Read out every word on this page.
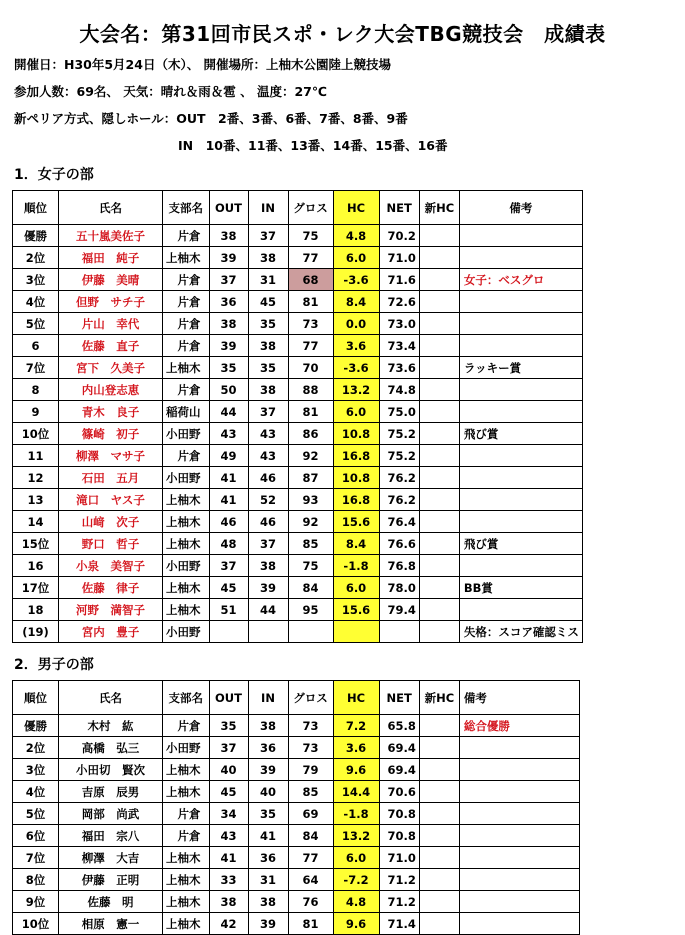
大会名：第31回市民スポ・レク大会TBG競技会　成績表
開催日：H30年5月24日（木）、 開催場所：上柚木公園陸上競技場
参加人数：69名、 天気：晴れ＆雨＆雹 、 温度：27℃
新ペリア方式、隠しホール：OUT　2番、3番、6番、7番、8番、9番
IN　10番、11番、13番、14番、15番、16番
1．女子の部
順位	氏名	支部名	OUT	IN	グロス	HC	NET	新HC	備考
優勝	五十嵐美佐子	片倉	38	37	75	4.8	70.2		
2位	福田　純子	上柚木	39	38	77	6.0	71.0		
3位	伊藤　美晴	片倉	37	31	68	-3.6	71.6		女子：ベスグロ
4位	但野　サチ子	片倉	36	45	81	8.4	72.6		
5位	片山　幸代	片倉	38	35	73	0.0	73.0		
6	佐藤　直子	片倉	39	38	77	3.6	73.4		
7位	宮下　久美子	上柚木	35	35	70	-3.6	73.6		ラッキー賞
8	内山登志恵	片倉	50	38	88	13.2	74.8		
9	青木　良子	稲荷山	44	37	81	6.0	75.0		
10位	篠崎　初子	小田野	43	43	86	10.8	75.2		飛び賞
11	柳澤　マサ子	片倉	49	43	92	16.8	75.2		
12	石田　五月	小田野	41	46	87	10.8	76.2		
13	滝口　ヤス子	上柚木	41	52	93	16.8	76.2		
14	山﨑　次子	上柚木	46	46	92	15.6	76.4		
15位	野口　哲子	上柚木	48	37	85	8.4	76.6		飛び賞
16	小泉　美智子	小田野	37	38	75	-1.8	76.8		
17位	佐藤　律子	上柚木	45	39	84	6.0	78.0		BB賞
18	河野　満智子	上柚木	51	44	95	15.6	79.4		
(19)	宮内　豊子	小田野							失格：スコア確認ミス
2．男子の部
順位	氏名	支部名	OUT	IN	グロス	HC	NET	新HC	備考
優勝	木村　紘	片倉	35	38	73	7.2	65.8		総合優勝
2位	高橋　弘三	小田野	37	36	73	3.6	69.4		
3位	小田切　賢次	上柚木	40	39	79	9.6	69.4		
4位	吉原　辰男	上柚木	45	40	85	14.4	70.6		
5位	岡部　尚武	片倉	34	35	69	-1.8	70.8		
6位	福田　宗八	片倉	43	41	84	13.2	70.8		
7位	柳澤　大吉	上柚木	41	36	77	6.0	71.0		
8位	伊藤　正明	上柚木	33	31	64	-7.2	71.2		
9位	佐藤　明	上柚木	38	38	76	4.8	71.2		
10位	相原　憲一	上柚木	42	39	81	9.6	71.4		
